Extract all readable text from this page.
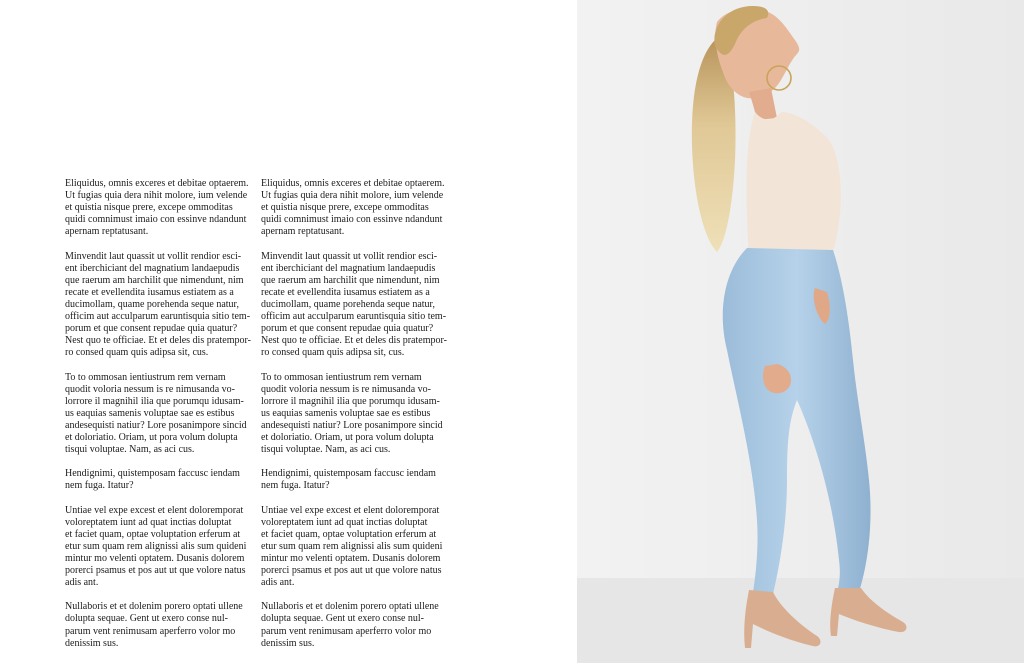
Eliquidus, omnis exceres et debitae optaerem.
Ut fugias quia dera nihit molore, ium velende
et quistia nisque prere, excepe ommoditas
quidi comnimust imaio con essinve ndandunt
apernam reptatusant.

Minvendit laut quassit ut vollit rendior esci-
ent iberchiciant del magnatium landaepudis
que raerum am harchilit que nimendunt, nim
recate et evellendita iusamus estiatem as a
ducimollam, quame porehenda seque natur,
officim aut acculparum earuntisquia sitio tem-
porum et que consent repudae quia quatur?
Nest quo te officiae. Et et deles dis pratempor-
ro consed quam quis adipsa sit, cus.

To to ommosan ientiustrum rem vernam
quodit voloria nessum is re nimusanda vo-
lorrore il magnihil ilia que porumqu idusam-
us eaquias samenis voluptae sae es estibus
andesequisti natiur? Lore posanimpore sincid
et doloriatio. Oriam, ut pora volum dolupta
tisqui voluptae. Nam, as aci cus.

Hendignimi, quistemposam faccusc iendam
nem fuga. Itatur?

Untiae vel expe excest et elent doloremporat
voloreptatem iunt ad quat inctias doluptat
et faciet quam, optae voluptation erferum at
etur sum quam rem alignissi alis sum quideni
mintur mo velenti optatem. Dusanis dolorem
porerci psamus et pos aut ut que volore natus
adis ant.

Nullaboris et et dolenim porero optati ullene
dolupta sequae. Gent ut exero conse nul-
parum vent renimusam aperferro volor mo
denissim sus.

Eliquidus, omnis exceres et debitae optaerem.
Ut fugias quia dera nihit molore, ium velende
et quistia nisque prere, excepe ommoditas
quidi comnimust imaio con essinve ndandunt
apernam reptatusant.

Minvendit laut quassit ut vollit rendior esci-
ent iberchiciant del magnatium landaepudis
que raerum am harchilit que nimendunt, nim
recate et evellendita iusamus estiatem as a
ducimollam, quame porehenda seque natur,
officim aut acculparum earuntisquia sitio tem-
porum et que consent repudae quia quatur?
Nest quo te officiae. Et et deles dis pratempor-
ro consed quam quis adipsa sit, cus.

To to ommosan ientiustrum rem vernam
quodit voloria nessum is re nimusanda vo-
lorrore il magnihil ilia que porumqu idusam-
us eaquias samenis voluptae sae es estibus
andesequisti natiur? Lore posanimpore sincid
et doloriatio. Oriam, ut pora volum dolupta
tisqui voluptae. Nam, as aci cus.

Hendignimi, quistemposam faccusc iendam
nem fuga. Itatur?

Untiae vel expe excest et elent doloremporat
voloreptatem iunt ad quat inctias doluptat
et faciet quam, optae voluptation erferum at
etur sum quam rem alignissi alis sum quideni
mintur mo velenti optatem. Dusanis dolorem
porerci psamus et pos aut ut que volore natus
adis ant.

Nullaboris et et dolenim porero optati ullene
dolupta sequae. Gent ut exero conse nul-
parum vent renimusam aperferro volor mo
denissim sus.
